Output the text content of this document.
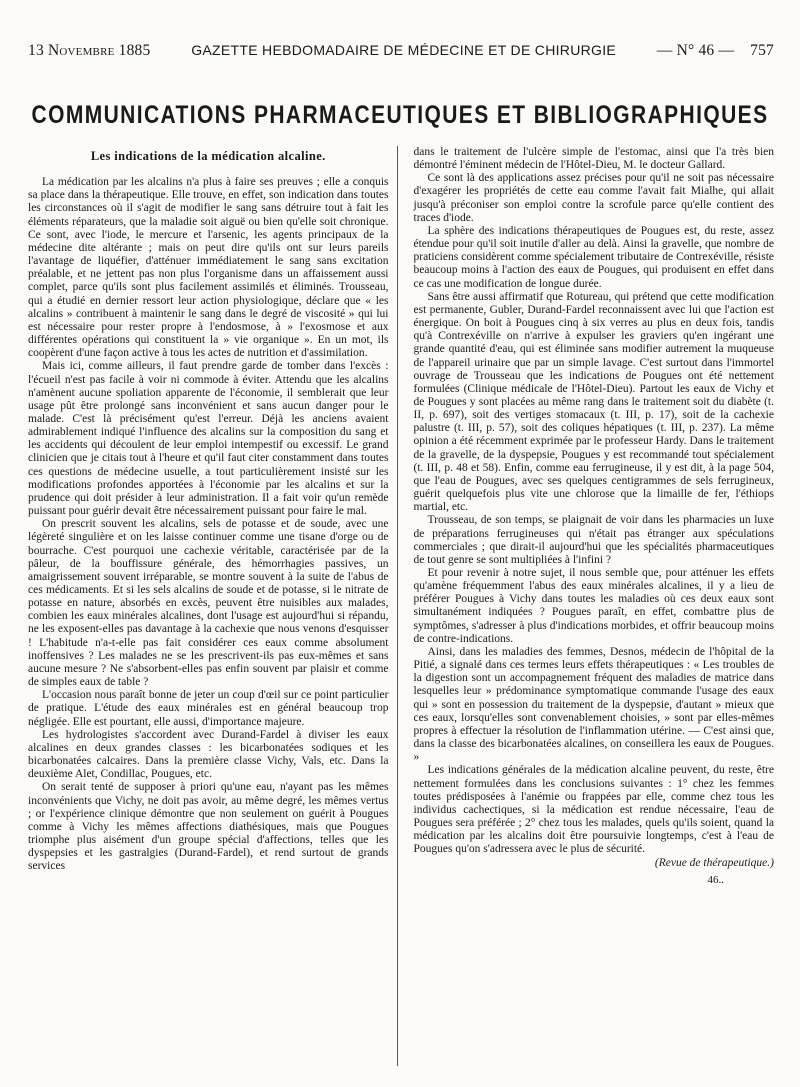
13 Novembre 1885	GAZETTE HEBDOMADAIRE DE MÉDECINE ET DE CHIRURGIE	— N° 46 — 757
COMMUNICATIONS PHARMACEUTIQUES ET BIBLIOGRAPHIQUES
Les indications de la médication alcaline.

La médication par les alcalins n'a plus à faire ses preuves ; elle a conquis sa place dans la thérapeutique. Elle trouve, en effet, son indication dans toutes les circonstances où il s'agit de modifier le sang sans détruire tout à fait les éléments réparateurs, que la maladie soit aiguë ou bien qu'elle soit chronique. Ce sont, avec l'iode, le mercure et l'arsenic, les agents principaux de la médecine dite altérante ; mais on peut dire qu'ils ont sur leurs pareils l'avantage de liquéfier, d'atténuer immédiatement le sang sans excitation préalable, et ne jettent pas non plus l'organisme dans un affaissement aussi complet, parce qu'ils sont plus facilement assimilés et éliminés. Trousseau, qui a étudié en dernier ressort leur action physiologique, déclare que « les alcalins » contribuent à maintenir le sang dans le degré de viscosité » qui lui est nécessaire pour rester propre à l'endosmose, à » l'exosmose et aux différentes opérations qui constituent la » vie organique ». En un mot, ils coopèrent d'une façon active à tous les actes de nutrition et d'assimilation.

Mais ici, comme ailleurs, il faut prendre garde de tomber dans l'excès : l'écueil n'est pas facile à voir ni commode à éviter. Attendu que les alcalins n'amènent aucune spoliation apparente de l'économie, il semblerait que leur usage pût être prolongé sans inconvénient et sans aucun danger pour le malade. C'est là précisément qu'est l'erreur. Déjà les anciens avaient admirablement indiqué l'influence des alcalins sur la composition du sang et les accidents qui découlent de leur emploi intempestif ou excessif. Le grand clinicien que je citais tout à l'heure et qu'il faut citer constamment dans toutes ces questions de médecine usuelle, a tout particulièrement insisté sur les modifications profondes apportées à l'économie par les alcalins et sur la prudence qui doit présider à leur administration. Il a fait voir qu'un remède puissant pour guérir devait être nécessairement puissant pour faire le mal.

On prescrit souvent les alcalins, sels de potasse et de soude, avec une légèreté singulière et on les laisse continuer comme une tisane d'orge ou de bourrache. C'est pourquoi une cachexie véritable, caractérisée par de la pâleur, de la bouffissure générale, des hémorrhagies passives, un amaigrissement souvent irréparable, se montre souvent à la suite de l'abus de ces médicaments. Et si les sels alcalins de soude et de potasse, si le nitrate de potasse en nature, absorbés en excès, peuvent être nuisibles aux malades, combien les eaux minérales alcalines, dont l'usage est aujourd'hui si répandu, ne les exposent-elles pas davantage à la cachexie que nous venons d'esquisser ! L'habitude n'a-t-elle pas fait considérer ces eaux comme absolument inoffensives ? Les malades ne se les prescrivent-ils pas eux-mêmes et sans aucune mesure ? Ne s'absorbent-elles pas enfin souvent par plaisir et comme de simples eaux de table ?

L'occasion nous paraît bonne de jeter un coup d'œil sur ce point particulier de pratique. L'étude des eaux minérales est en général beaucoup trop négligée. Elle est pourtant, elle aussi, d'importance majeure.

Les hydrologistes s'accordent avec Durand-Fardel à diviser les eaux alcalines en deux grandes classes : les bicarbonatées sodiques et les bicarbonatées calcaires. Dans la première classe Vichy, Vals, etc. Dans la deuxième Alet, Condillac, Pougues, etc.

On serait tenté de supposer à priori qu'une eau, n'ayant pas les mêmes inconvénients que Vichy, ne doit pas avoir, au même degré, les mêmes vertus ; or l'expérience clinique démontre que non seulement on guérit à Pougues comme à Vichy les mêmes affections diathésiques, mais que Pougues triomphe plus aisément d'un groupe spécial d'affections, telles que les dyspepsies et les gastralgies (Durand-Fardel), et rend surtout de grands services

dans le traitement de l'ulcère simple de l'estomac, ainsi que l'a très bien démontré l'éminent médecin de l'Hôtel-Dieu, M. le docteur Gallard.

Ce sont là des applications assez précises pour qu'il ne soit pas nécessaire d'exagérer les propriétés de cette eau comme l'avait fait Mialhe, qui allait jusqu'à préconiser son emploi contre la scrofule parce qu'elle contient des traces d'iode.

La sphère des indications thérapeutiques de Pougues est, du reste, assez étendue pour qu'il soit inutile d'aller au delà. Ainsi la gravelle, que nombre de praticiens considèrent comme spécialement tributaire de Contrexéville, résiste beaucoup moins à l'action des eaux de Pougues, qui produisent en effet dans ce cas une modification de longue durée.

Sans être aussi affirmatif que Rotureau, qui prétend que cette modification est permanente, Gubler, Durand-Fardel reconnaissent avec lui que l'action est énergique. On boit à Pougues cinq à six verres au plus en deux fois, tandis qu'à Contrexéville on n'arrive à expulser les graviers qu'en ingérant une grande quantité d'eau, qui est éliminée sans modifier autrement la muqueuse de l'appareil urinaire que par un simple lavage. C'est surtout dans l'immortel ouvrage de Trousseau que les indications de Pougues ont été nettement formulées (Clinique médicale de l'Hôtel-Dieu). Partout les eaux de Vichy et de Pougues y sont placées au même rang dans le traitement soit du diabète (t. II, p. 697), soit des vertiges stomacaux (t. III, p. 17), soit de la cachexie palustre (t. III, p. 57), soit des coliques hépatiques (t. III, p. 237). La même opinion a été récemment exprimée par le professeur Hardy. Dans le traitement de la gravelle, de la dyspepsie, Pougues y est recommandé tout spécialement (t. III, p. 48 et 58). Enfin, comme eau ferrugineuse, il y est dit, à la page 504, que l'eau de Pougues, avec ses quelques centigrammes de sels ferrugineux, guérit quelquefois plus vite une chlorose que la limaille de fer, l'éthiops martial, etc.

Trousseau, de son temps, se plaignait de voir dans les pharmacies un luxe de préparations ferrugineuses qui n'était pas étranger aux spéculations commerciales ; que dirait-il aujourd'hui que les spécialités pharmaceutiques de tout genre se sont multipliées à l'infini ?

Et pour revenir à notre sujet, il nous semble que, pour atténuer les effets qu'amène fréquemment l'abus des eaux minérales alcalines, il y a lieu de préférer Pougues à Vichy dans toutes les maladies où ces deux eaux sont simultanément indiquées ? Pougues paraît, en effet, combattre plus de symptômes, s'adresser à plus d'indications morbides, et offrir beaucoup moins de contre-indications.

Ainsi, dans les maladies des femmes, Desnos, médecin de l'hôpital de la Pitié, a signalé dans ces termes leurs effets thérapeutiques : « Les troubles de la digestion sont un accompagnement fréquent des maladies de matrice dans lesquelles leur » prédominance symptomatique commande l'usage des eaux qui » sont en possession du traitement de la dyspepsie, d'autant » mieux que ces eaux, lorsqu'elles sont convenablement choisies, » sont par elles-mêmes propres à effectuer la résolution de l'inflammation utérine. — C'est ainsi que, dans la classe des bicarbonatées alcalines, on conseillera les eaux de Pougues. »

Les indications générales de la médication alcaline peuvent, du reste, être nettement formulées dans les conclusions suivantes : 1° chez les femmes toutes prédisposées à l'anémie ou frappées par elle, comme chez tous les individus cachectiques, si la médication est rendue nécessaire, l'eau de Pougues sera préférée ; 2° chez tous les malades, quels qu'ils soient, quand la médication par les alcalins doit être poursuivie longtemps, c'est à l'eau de Pougues qu'on s'adressera avec le plus de sécurité.

(Revue de thérapeutique.)
46..
